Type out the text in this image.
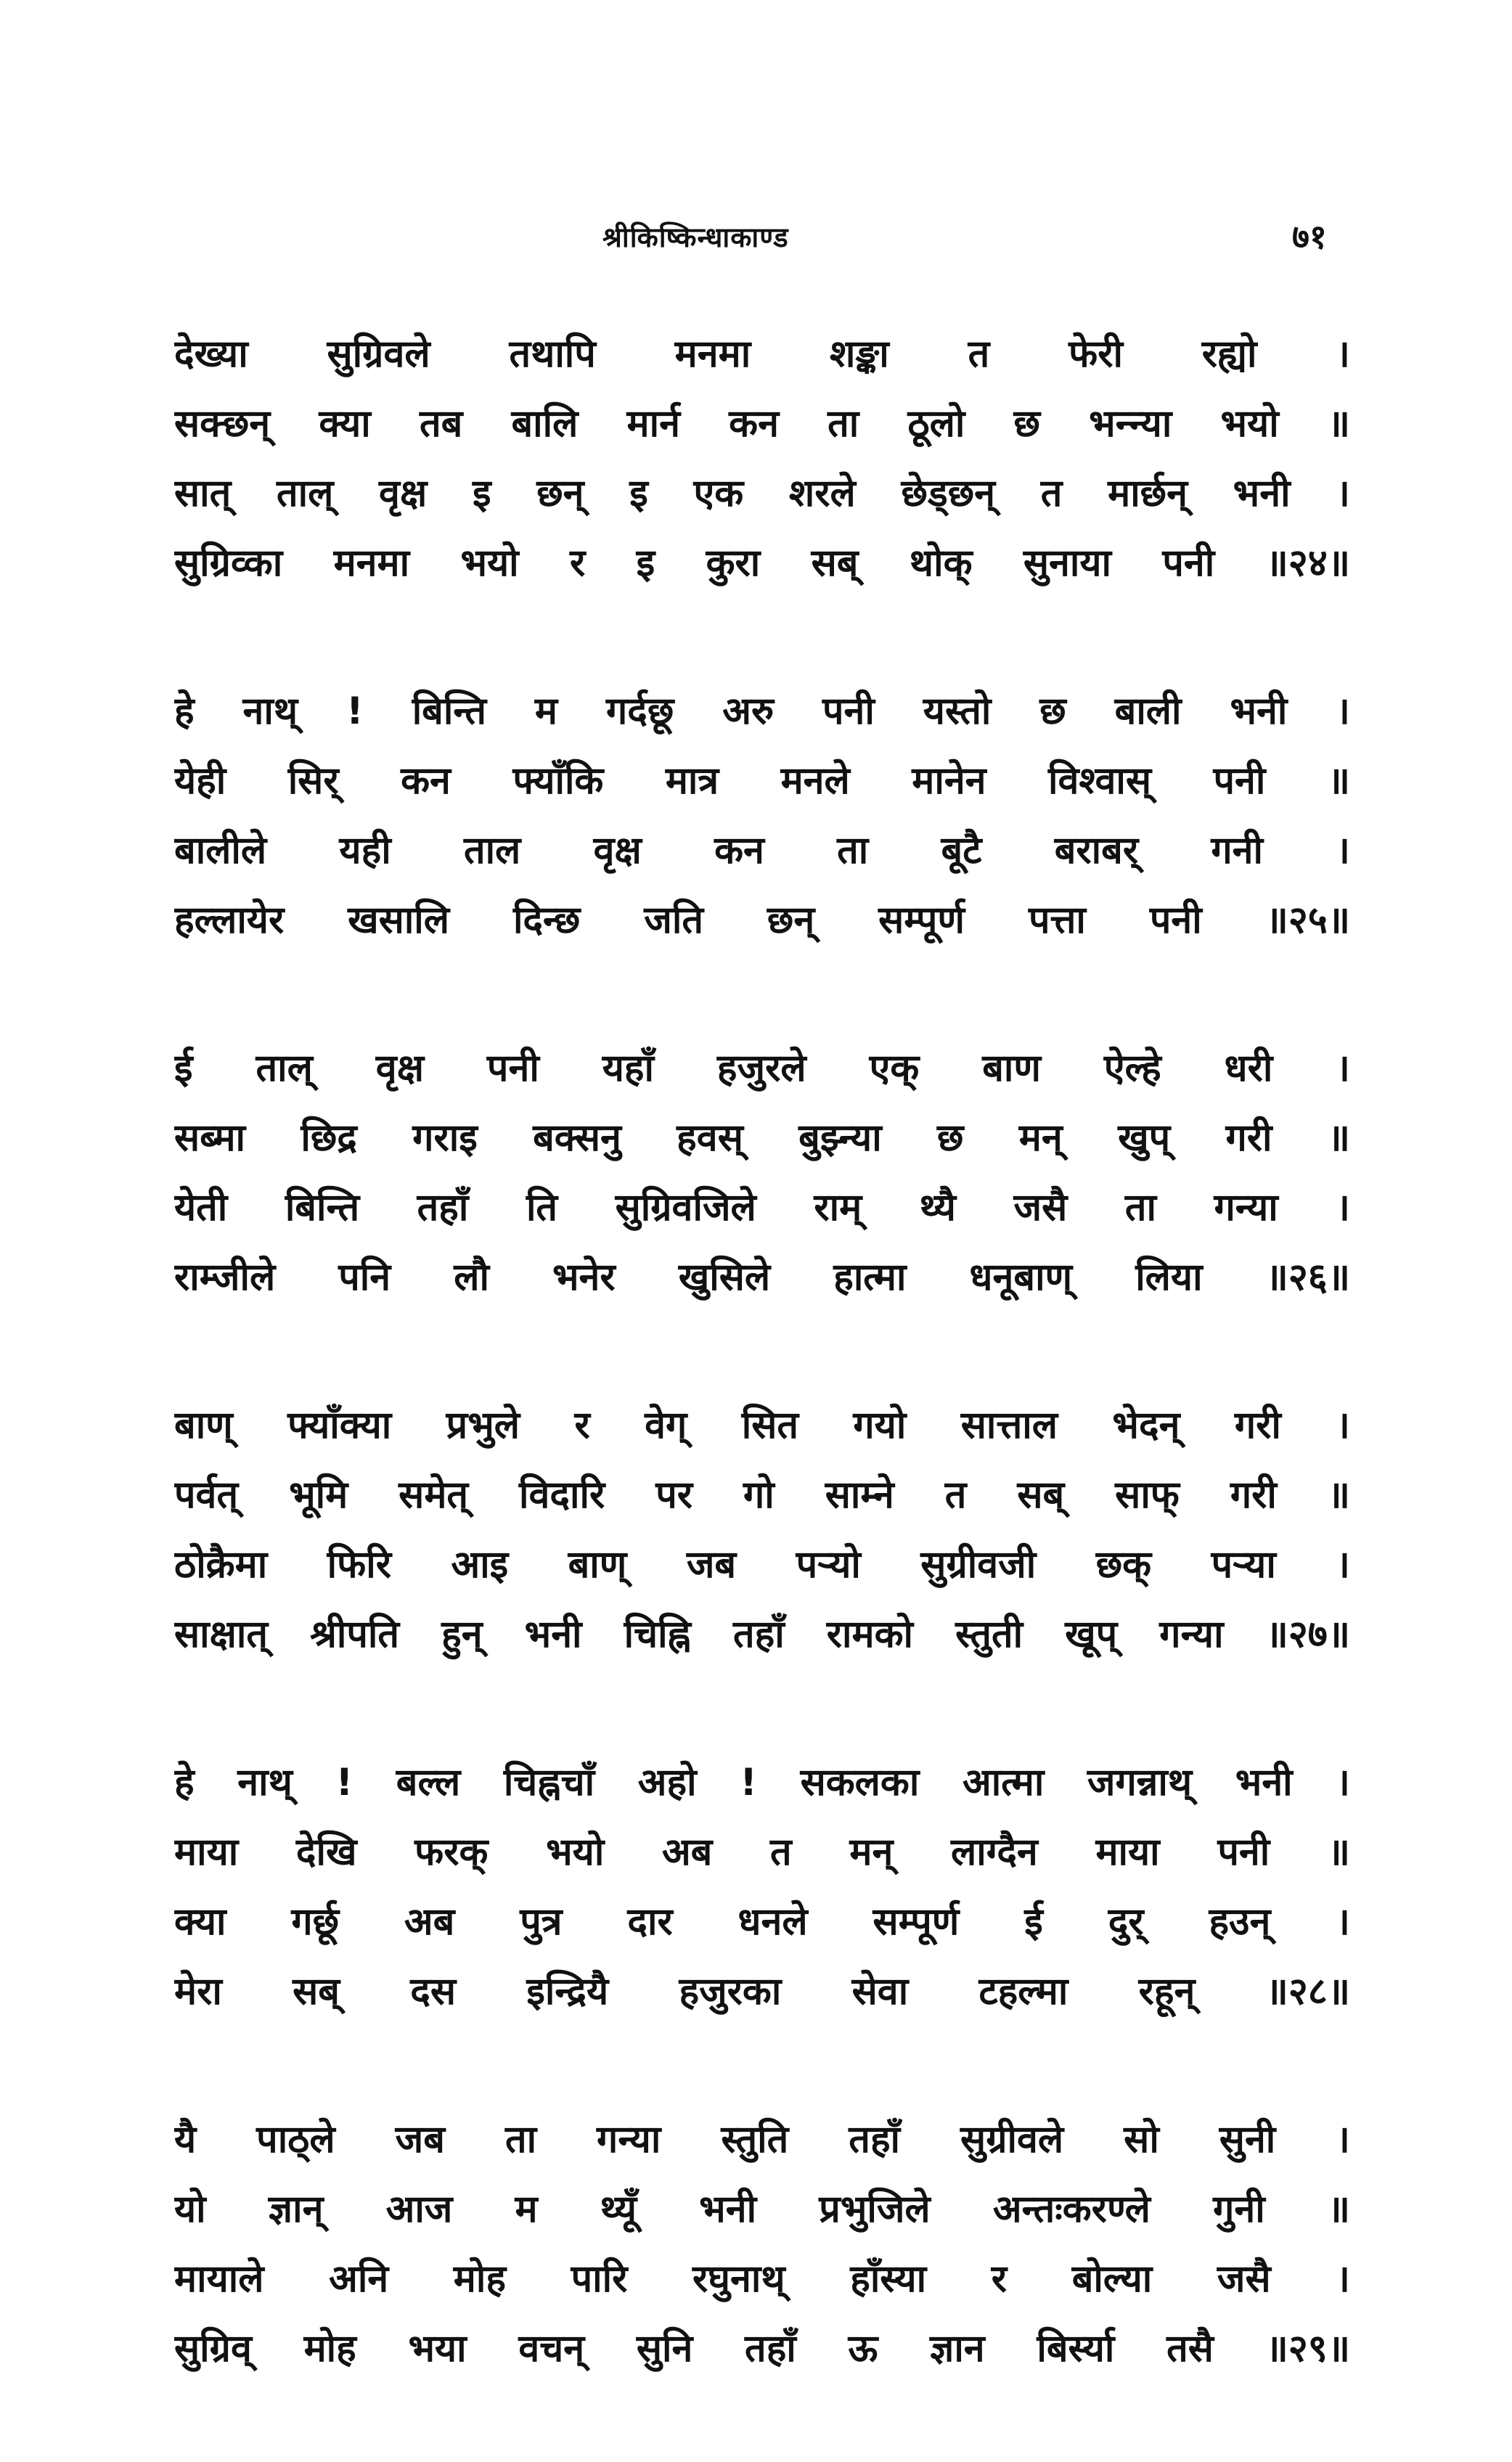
श्रीकिष्किन्धाकाण्ड	७१
देख्या सुग्रिवले तथापि मनमा शङ्का त फेरी रह्यो ।
सक्छन् क्या तब बालि मार्न कन ता ठूलो छ भन्न्या भयो ॥
सात् ताल् वृक्ष इ छन् इ एक शरले छेड्छन् त मार्छन् भनी ।
सुग्रिव्का मनमा भयो र इ कुरा सब् थोक् सुनाया पनी ॥२४॥
हे नाथ् ! बिन्ति म गर्दछू अरु पनी यस्तो छ बाली भनी ।
येही सिर् कन फ्याँकि मात्र मनले मानेन विश्वास् पनी ॥
बालीले यही ताल वृक्ष कन ता बूटै बराबर् गनी ।
हल्लायेर खसालि दिन्छ जति छन् सम्पूर्ण पत्ता पनी ॥२५॥
ई ताल् वृक्ष पनी यहाँ हजुरले एक् बाण ऐल्हे धरी ।
सब्मा छिद्र गराइ बक्सनु हवस् बुझ्न्या छ मन् खुप् गरी ॥
येती बिन्ति तहाँ ति सुग्रिवजिले राम् थ्यै जसै ता गन्या ।
राम्जीले पनि लौ भनेर खुसिले हात्मा धनूबाण् लिया ॥२६॥
बाण् फ्याँक्या प्रभुले र वेग् सित गयो सात्ताल भेदन् गरी ।
पर्वत् भूमि समेत् विदारि पर गो साम्ने त सब् साफ् गरी ॥
ठोक्रैमा फिरि आइ बाण् जब पऱ्यो सुग्रीवजी छक् पऱ्या ।
साक्षात् श्रीपति हुन् भनी चिह्नि तहाँ रामको स्तुती खूप् गन्या ॥२७॥
हे नाथ् ! बल्ल चिह्नचाँ अहो ! सकलका आत्मा जगन्नाथ् भनी ।
माया देखि फरक् भयो अब त मन् लाग्दैन माया पनी ॥
क्या गर्छू अब पुत्र दार धनले सम्पूर्ण ई दुर् हउन् ।
मेरा सब् दस इन्द्रियै हजुरका सेवा टहल्मा रहून् ॥२८॥
यै पाठ्ले जब ता गन्या स्तुति तहाँ सुग्रीवले सो सुनी ।
यो ज्ञान् आज म थ्यूँ भनी प्रभुजिले अन्तःकरण्ले गुनी ॥
मायाले अनि मोह पारि रघुनाथ् हाँस्या र बोल्या जसै ।
सुग्रिव् मोह भया वचन् सुनि तहाँ ऊ ज्ञान बिर्स्या तसै ॥२९॥
